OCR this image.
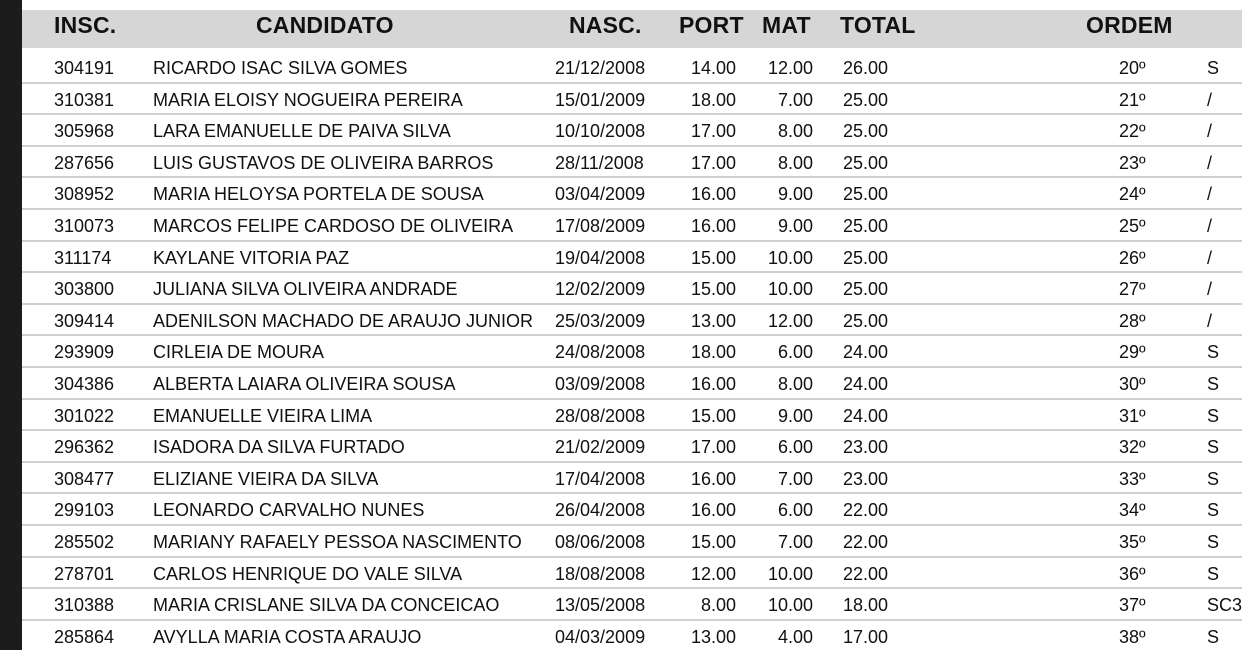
INSC.	CANDIDATO	NASC. PORT MAT TOTAL	ORDEM
304191 RICARDO ISAC SILVA GOMES	21/12/2008	14.00	12.00 26.00	20º	S
310381 MARIA ELOISY NOGUEIRA PEREIRA	15/01/2009	18.00	7.00 25.00	21º	/
305968 LARA EMANUELLE DE PAIVA SILVA	10/10/2008	17.00	8.00 25.00	22º	/
287656 LUIS GUSTAVOS DE OLIVEIRA BARROS	28/11/2008	17.00	8.00 25.00	23º	/
308952 MARIA HELOYSA PORTELA DE SOUSA	03/04/2009	16.00	9.00 25.00	24º	/
310073 MARCOS FELIPE CARDOSO DE OLIVEIRA 17/08/2009	16.00	9.00 25.00	25º	/
311174 KAYLANE VITORIA PAZ	19/04/2008	15.00	10.00 25.00	26º	/
303800 JULIANA SILVA OLIVEIRA ANDRADE	12/02/2009	15.00	10.00 25.00	27º	/
309414 ADENILSON MACHADO DE ARAUJO JUNIOR 25/03/2009	13.00	12.00 25.00	28º	/
293909 CIRLEIA DE MOURA	24/08/2008	18.00	6.00 24.00	29º	S
304386 ALBERTA LAIARA OLIVEIRA SOUSA	03/09/2008	16.00	8.00 24.00	30º	S
301022 EMANUELLE VIEIRA LIMA	28/08/2008	15.00	9.00 24.00	31º	S
296362 ISADORA DA SILVA FURTADO	21/02/2009	17.00	6.00 23.00	32º	S
308477 ELIZIANE VIEIRA DA SILVA	17/04/2008	16.00	7.00 23.00	33º	S
299103 LEONARDO CARVALHO NUNES	26/04/2008	16.00	6.00 22.00	34º	S
285502 MARIANY RAFAELY PESSOA NASCIMENTO 08/06/2008	15.00	7.00 22.00	35º	S
278701 CARLOS HENRIQUE DO VALE SILVA	18/08/2008	12.00	10.00 22.00	36º	S
310388 MARIA CRISLANE SILVA DA CONCEICAO	13/05/2008	8.00	10.00 18.00	37º	SC3
285864 AVYLLA MARIA COSTA ARAUJO	04/03/2009	13.00	4.00 17.00	38º	S
